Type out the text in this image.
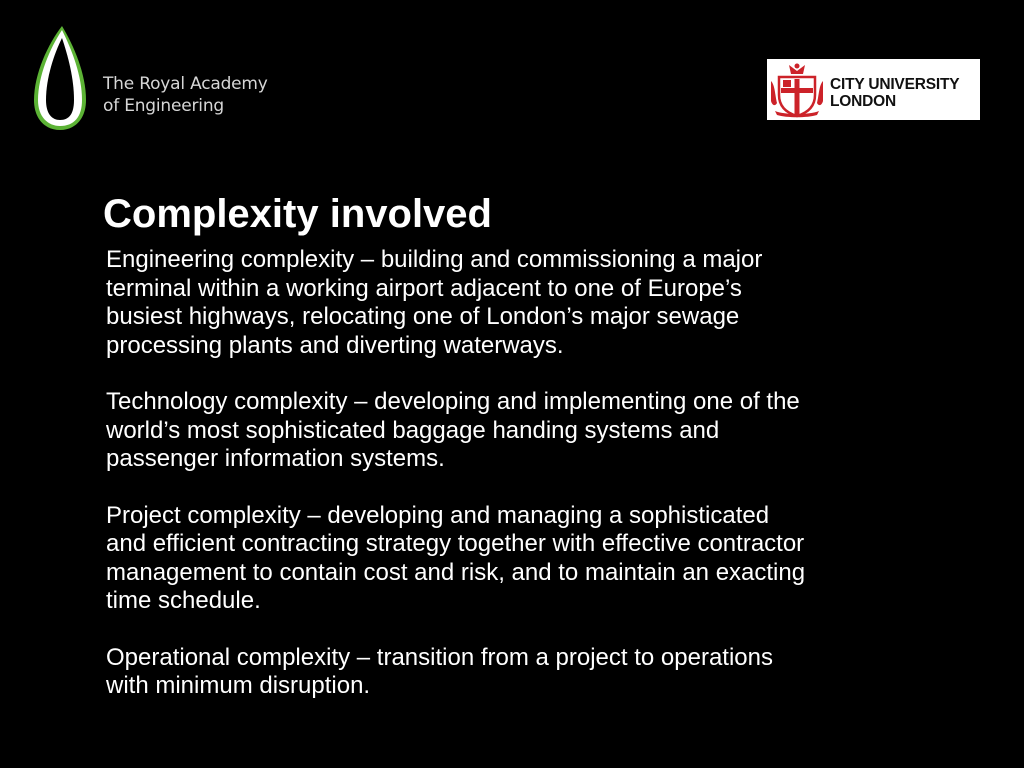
The Royal Academy
of Engineering
CITY UNIVERSITY
LONDON
Complexity involved

Engineering complexity – building and commissioning a major
terminal within a working airport adjacent to one of Europe’s
busiest highways, relocating one of London’s major sewage
processing plants and diverting waterways.

Technology complexity – developing and implementing one of the
world’s most sophisticated baggage handing systems and
passenger information systems.

Project complexity – developing and managing a sophisticated
and efficient contracting strategy together with effective contractor
management to contain cost and risk, and to maintain an exacting
time schedule.

Operational complexity – transition from a project to operations
with minimum disruption.
